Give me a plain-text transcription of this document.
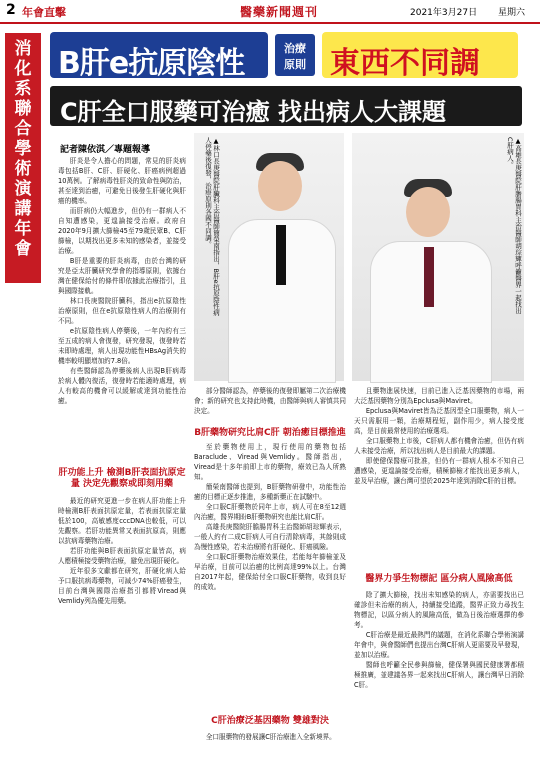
2 年會直擊	醫藥新聞週刊	2021年3月27日 星期六
消化系聯合學術演講年會
B肝e抗原陰性	治療
原則 東西不同調
C肝全口服藥可治癒 找出病人大課題
記者陳依淇／專題報導

肝炎是令人擔心的問題，常見的肝炎病毒包括B肝、C肝、肝硬化、肝癌病例超過10萬例。了解病毒性肝炎的致命性與防治，甚至達到治癒，可避免日後發生肝硬化與肝癌的機率。

而肝病仍大幅進步，但仍有一群病人不自知遭感染，更遑論接受治療。政府自2020年9月擴大篩檢45至79歲民眾B、C肝篩檢，以期找出更多未知的感染者，並接受治療。

B肝是重要的肝炎病毒，由於台灣的研究是亞太肝臟研究學會的指導原則，依據台灣在健保給付的條件即依據此治療指引，且與國際接軌。

林口長庚醫院肝臟科，指出e抗原陰性治療原則，但在e抗原陰性病人的治療則有不同。

e抗原陰性病人停藥後，一年內約有三至五成的病人會復發，研究發現，復發時若未即時處理，病人出現功能性HBsAg消失的機率較明顯增加約7.8倍。

有些醫師認為停藥後病人出現B肝病毒於病人體內復活，復發時若能適時處理，病人有較高的機會可以緩解或達到功能性治癒。

肝功能上升 檢測B肝表面抗原定量 決定先觀察或即刻用藥

最近的研究更進一步在病人肝功能上升時檢測B肝表面抗原定量，若表面抗原定量低於100，高敏感度cccDNA也較低，可以先觀察。若肝功能異常又表面抗原高，則應以抗病毒藥物治療。

若肝功能與B肝表面抗原定量皆高，病人應積極接受藥物治療，避免出現肝硬化。

近年很多文獻都在研究，肝硬化病人給予口服抗病毒藥物，可減少74%肝癌發生，目前台灣與國際治療指引都將Viread與Vemlidy列為優先用藥。

▲林口長庚醫院肝臟科主治醫師簡榮南指出，B肝e抗原陰性病人停藥後復發，治療原則各國不同調。	▲高雄長庚醫院肝膽腸胃科主治醫師胡琮輝呼籲醫界一起找出C肝病人。

部分醫師認為，停藥後的復發即屬第二次治療機會；新的研究也支持此時機，由醫師與病人審慎共同決定。

B肝藥物研究比肩C肝 朝治癒目標推進

至於藥物使用上，現行使用的藥物包括Baraclude、Viread與Vemlidy。醫師指出，Viread是十多年前即上市的藥物，療效已為人所熟知。

簡榮南醫師也提到，B肝藥物研發中，功能性治癒的目標正逐步推進，多種新藥正在試驗中。

全口服C肝藥物於同年上市，病人可在8至12週內治癒，醫界期盼B肝藥物研究也能比肩C肝。

高雄長庚醫院肝膽腸胃科主治醫師胡琮輝表示，一般人約有二成C肝病人可自行清除病毒，其餘則成為慢性感染，若未治療將有肝硬化、肝癌風險。

全口服C肝藥物治療效果佳，若能每年篩檢並及早治療，目前可以治癒的比例高達99%以上。台灣自2017年起，健保給付全口服C肝藥物，收到良好的成效。

C肝治療泛基因藥物 雙雄對決

全口服藥物的發展讓C肝治療進入全新境界。

且藥物進展快速，目前已進入泛基因藥物的市場，兩大泛基因藥物分別為Epclusa與Maviret。

Epclusa與Maviret皆為泛基因型全口服藥物，病人一天只需服用一顆，治療期程短，副作用少，病人接受度高，是目前最常使用的治療選項。

全口服藥物上市後，C肝病人都有機會治癒，但仍有病人未接受治療，所以找出病人是目前最大的課題。

即使健保醫療可批准，但仍有一群病人根本不知自己遭感染，更遑論接受治療，積極篩檢才能找出更多病人，並及早治療，讓台灣可望於2025年達到消除C肝的目標。

醫界力爭生物標記 區分病人風險高低

除了擴大篩檢，找出未知感染的病人，亦需要找出已確診但未治療的病人，持續接受追蹤，醫界正致力尋找生物標記，以區分病人的風險高低，做為日後治療選擇的參考。

C肝治療是最近最熱門的議題，在消化系聯合學術演講年會中，與會醫師們也提出台灣C肝病人更需要及早發現，並加以治療。

醫師也呼籲全民參與篩檢，健保署與國民健康署都積極推廣，並建議各界一起來找出C肝病人，讓台灣早日消除C肝。
